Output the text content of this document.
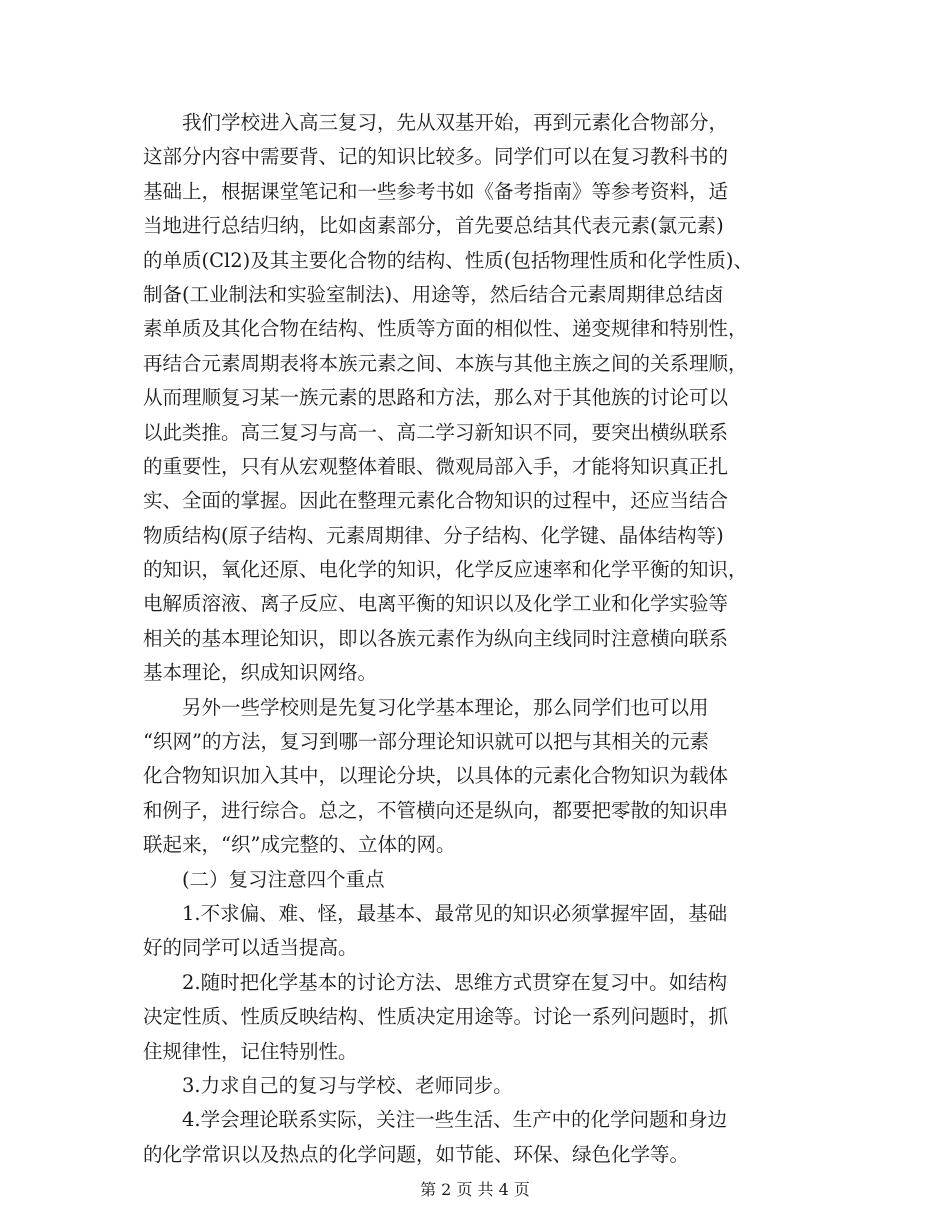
　　我们学校进入高三复习，先从双基开始，再到元素化合物部分，
这部分内容中需要背、记的知识比较多。同学们可以在复习教科书的
基础上，根据课堂笔记和一些参考书如《备考指南》等参考资料，适
当地进行总结归纳，比如卤素部分，首先要总结其代表元素(氯元素)
的单质(Cl2)及其主要化合物的结构、性质(包括物理性质和化学性质)、
制备(工业制法和实验室制法)、用途等，然后结合元素周期律总结卤
素单质及其化合物在结构、性质等方面的相似性、递变规律和特别性，
再结合元素周期表将本族元素之间、本族与其他主族之间的关系理顺，
从而理顺复习某一族元素的思路和方法，那么对于其他族的讨论可以
以此类推。高三复习与高一、高二学习新知识不同，要突出横纵联系
的重要性，只有从宏观整体着眼、微观局部入手，才能将知识真正扎
实、全面的掌握。因此在整理元素化合物知识的过程中，还应当结合
物质结构(原子结构、元素周期律、分子结构、化学键、晶体结构等)
的知识，氧化还原、电化学的知识，化学反应速率和化学平衡的知识，
电解质溶液、离子反应、电离平衡的知识以及化学工业和化学实验等
相关的基本理论知识，即以各族元素作为纵向主线同时注意横向联系
基本理论，织成知识网络。
　　另外一些学校则是先复习化学基本理论，那么同学们也可以用
“织网”的方法，复习到哪一部分理论知识就可以把与其相关的元素
化合物知识加入其中，以理论分块，以具体的元素化合物知识为载体
和例子，进行综合。总之，不管横向还是纵向，都要把零散的知识串
联起来，“织”成完整的、立体的网。
　　(二）复习注意四个重点
　　1.不求偏、难、怪，最基本、最常见的知识必须掌握牢固，基础
好的同学可以适当提高。
　　2.随时把化学基本的讨论方法、思维方式贯穿在复习中。如结构
决定性质、性质反映结构、性质决定用途等。讨论一系列问题时，抓
住规律性，记住特别性。
　　3.力求自己的复习与学校、老师同步。
　　4.学会理论联系实际，关注一些生活、生产中的化学问题和身边
的化学常识以及热点的化学问题，如节能、环保、绿色化学等。
第 2 页 共 4 页
